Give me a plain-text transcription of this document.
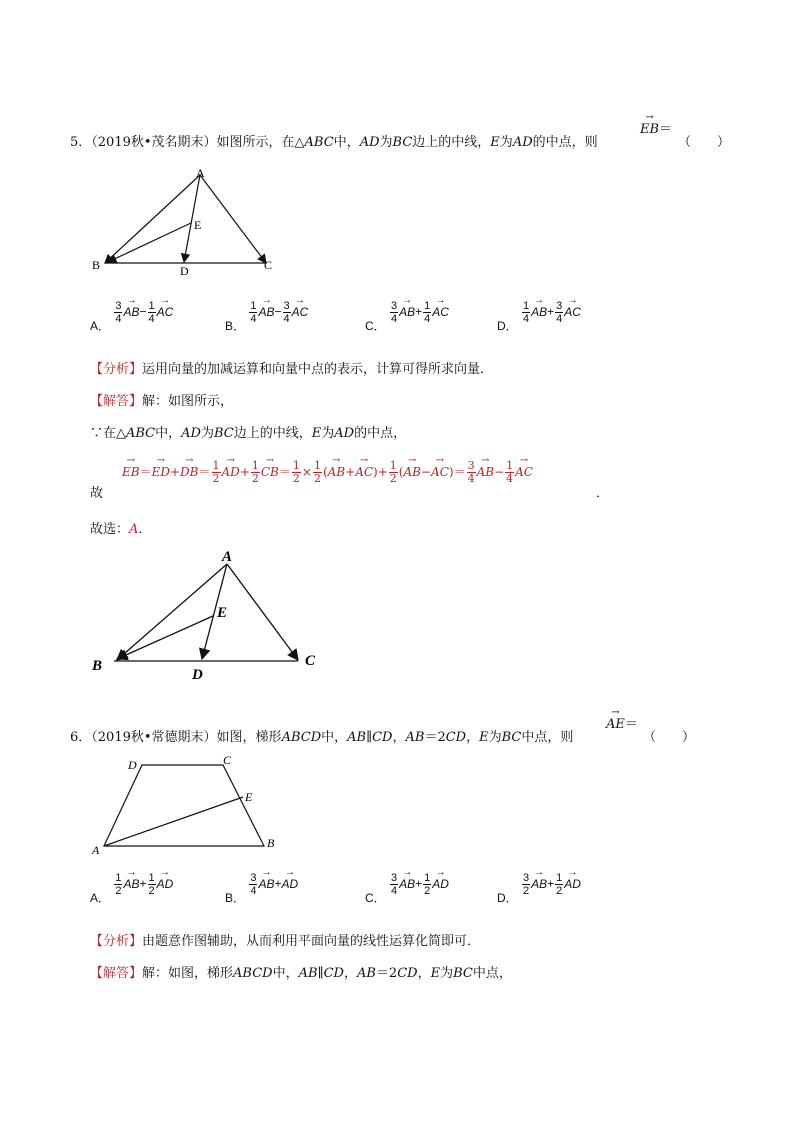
5．（2019秋•茂名期末）如图所示，在△ABC中，AD为BC边上的中线，E为AD的中点，则
→ EB＝
（　　）
A
B	C
D
E
A．
$\frac{3}{4}$
→ $AB- \frac{1}{4}$
→ AC
B．
$\frac{1}{4}$
→ $AB- \frac{3}{4}$
→ AC
C．
$\frac{3}{4}$
→ $AB+ \frac{1}{4}$
→ AC
D．
$\frac{1}{4}$
→ $AB+ \frac{3}{4}$
→ AC
【分析】运用向量的加减运算和向量中点的表示，计算可得所求向量．
【解答】解：如图所示，
∵在△ABC中，AD为BC边上的中线，E为AD的中点，
故
→ $EB=\to ED+\to DB= \frac{1}{2}$
→ $AD+ \frac{1}{2}$
→ $CB= \frac{1}{2} \times \frac{1}{2}$ (→ $AB+\to AC)+ \frac{1}{2}$ (→ $AB-\to AC)= \frac{3}{4}$
→ $AB- \frac{1}{4}$
→ AC
．
故选：A．
A
B	C
D
E
6．（2019秋•常德期末）如图，梯形ABCD中，AB∥CD，AB＝2CD，E为BC中点，则
→ AE＝
（　　）
A	B
C
D
E
A．
$\frac{1}{2}$
→ $AB+ \frac{1}{2}$
→ AD
B．
$\frac{3}{4}$
→ AB+→ AD
C．
$\frac{3}{4}$
→ $AB+ \frac{1}{2}$
→ AD
D．
$\frac{3}{2}$
→ $AB+ \frac{1}{2}$
→ AD
【分析】由题意作图辅助，从而利用平面向量的线性运算化简即可．
【解答】解：如图，梯形ABCD中，AB∥CD，AB＝2CD，E为BC中点，
